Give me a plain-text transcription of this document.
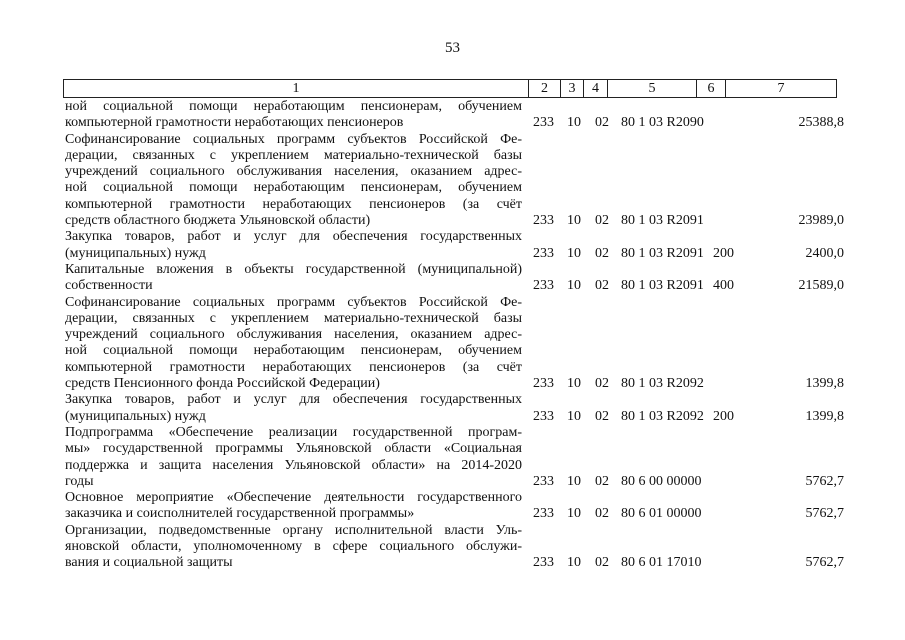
53
1	2	3	4	5	6	7
ной социальной помощи неработающим пенсионерам, обучением
компьютерной грамотности неработающих пенсионеров	233 10 02 80 1 03 R2090	25388,8
Софинансирование социальных программ субъектов Российской Фе-
дерации, связанных с укреплением материально-технической базы
учреждений социального обслуживания населения, оказанием адрес-
ной социальной помощи неработающим пенсионерам, обучением
компьютерной грамотности неработающих пенсионеров (за счёт
средств областного бюджета Ульяновской области)	233 10 02 80 1 03 R2091	23989,0
Закупка товаров, работ и услуг для обеспечения государственных
(муниципальных) нужд	233 10 02 80 1 03 R2091 200	2400,0
Капитальные вложения в объекты государственной (муниципальной)
собственности	233 10 02 80 1 03 R2091 400	21589,0
Софинансирование социальных программ субъектов Российской Фе-
дерации, связанных с укреплением материально-технической базы
учреждений социального обслуживания населения, оказанием адрес-
ной социальной помощи неработающим пенсионерам, обучением
компьютерной грамотности неработающих пенсионеров (за счёт
средств Пенсионного фонда Российской Федерации)	233 10 02 80 1 03 R2092	1399,8
Закупка товаров, работ и услуг для обеспечения государственных
(муниципальных) нужд	233 10 02 80 1 03 R2092 200	1399,8
Подпрограмма «Обеспечение реализации государственной програм-
мы» государственной программы Ульяновской области «Социальная
поддержка и защита населения Ульяновской области» на 2014-2020
годы	233 10 02 80 6 00 00000	5762,7
Основное мероприятие «Обеспечение деятельности государственного
заказчика и соисполнителей государственной программы»	233 10 02 80 6 01 00000	5762,7
Организации, подведомственные органу исполнительной власти Уль-
яновской области, уполномоченному в сфере социального обслужи-
вания и социальной защиты	233 10 02 80 6 01 17010	5762,7
